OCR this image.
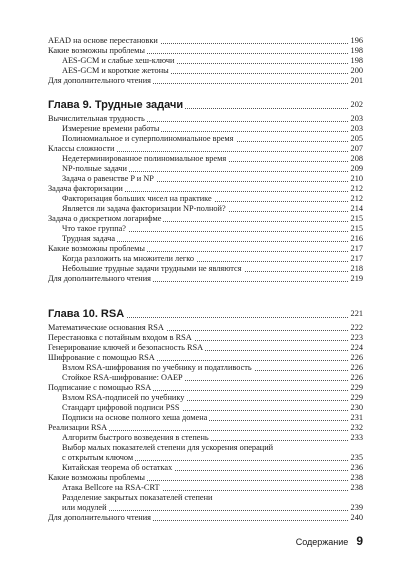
196
AEAD на основе перестановки
198
Какие возможны проблемы
198
AES-GCM и слабые хеш-ключи
200
AES-GCM и короткие жетоны
201
Для дополнительного чтения
202
Глава 9. Трудные задачи
203
Вычислительная трудность
203
Измерение времени работы
205
Полиномиальное и суперполиномиальное время
207
Классы сложности
208
Недетерминированное полиномиальное время
209
NP-полные задачи
210
Задача о равенстве P и NP
212
Задача факторизации
212
Факторизация больших чисел на практике
214
Является ли задача факторизации NP-полной?
215
Задача о дискретном логарифме
215
Что такое группа?
216
Трудная задача
217
Какие возможны проблемы
217
Когда разложить на множители легко
218
Небольшие трудные задачи трудными не являются
219
Для дополнительного чтения
221
Глава 10. RSA
222
Математические основания RSA
223
Перестановка с потайным входом в RSA
224
Генерирование ключей и безопасность RSA
226
Шифрование с помощью RSA
226
Взлом RSA-шифрования по учебнику и податливость
226
Стойкое RSA-шифрование: OAEP
229
Подписание с помощью RSA
229
Взлом RSA-подписей по учебнику
230
Стандарт цифровой подписи PSS
231
Подписи на основе полного хеша домена
232
Реализации RSA
233
Алгоритм быстрого возведения в степень
Выбор малых показателей степени для ускорения операций
235
с открытым ключом
236
Китайская теорема об остатках
238
Какие возможны проблемы
238
Атака Bellcore на RSA-CRT
Разделение закрытых показателей степени
239
или модулей
240
Для дополнительного чтения
Содержание 9
